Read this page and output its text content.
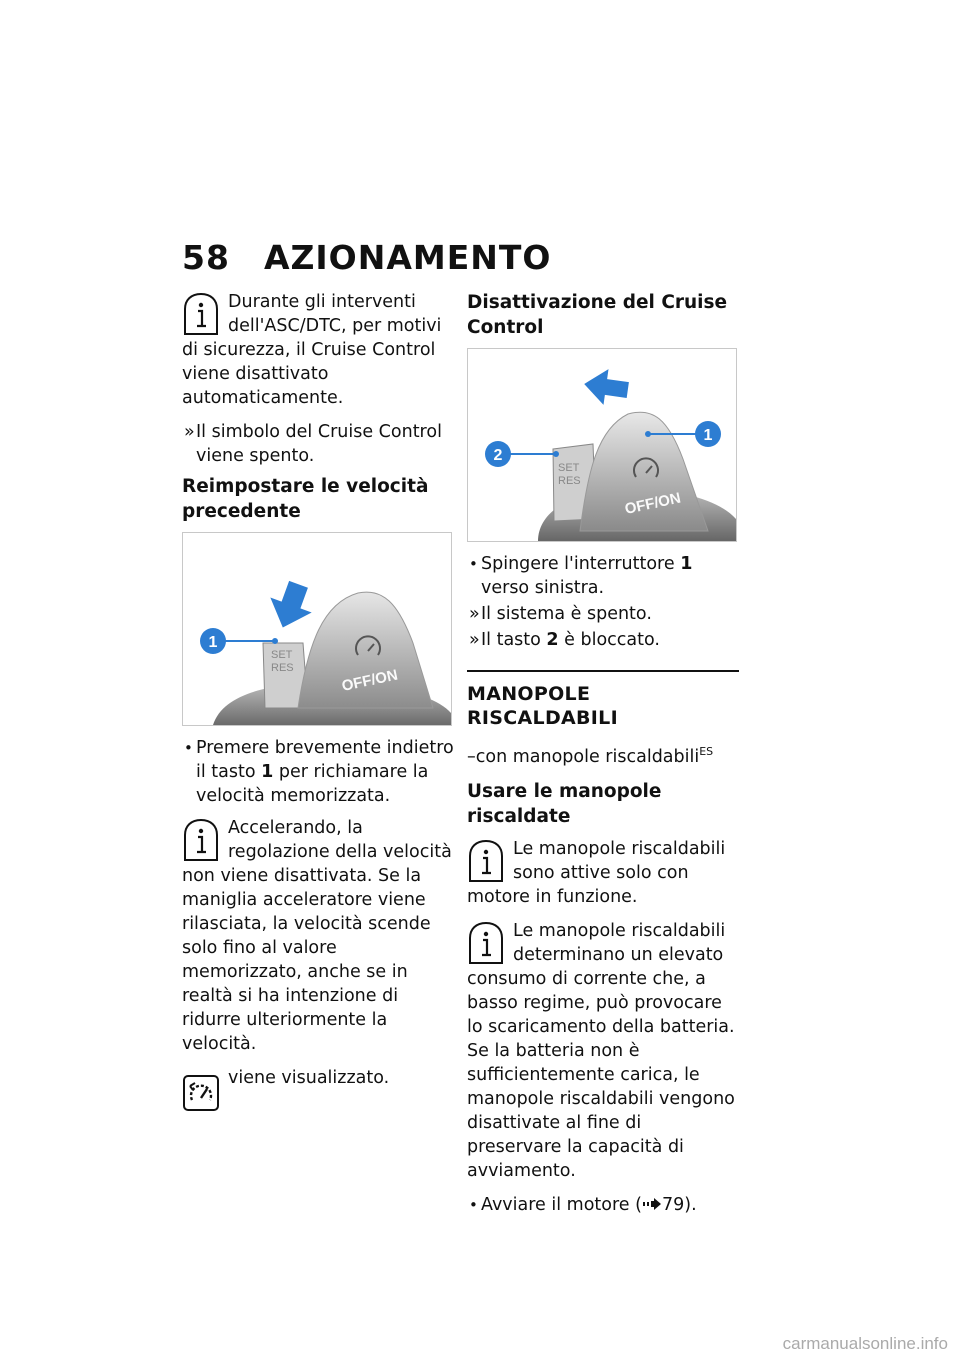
58 AZIONAMENTO
Durante gli interventi dell'ASC/DTC, per motivi di sicurezza, il Cruise Control viene disattivato automaticamente.

» Il simbolo del Cruise Control viene spento.

Reimpostare le velocità precedente
SET
RES	OFF/ON
1

• Premere brevemente indietro il tasto 1 per richiamare la velocità memorizzata.

Accelerando, la regolazione della velocità non viene disattivata. Se la maniglia acceleratore viene rilasciata, la velocità scende solo fino al valore memorizzato, anche se in realtà si ha intenzione di ridurre ulteriormente la velocità.
viene visualizzato.
Disattivazione del Cruise Control
SET
RES
OFF/ON
1
2

• Spingere l'interruttore 1 verso sinistra.

» Il sistema è spento.

» Il tasto 2 è bloccato.

MANOPOLE RISCALDABILI
–con manopole riscaldabili$^{ES}$
Usare le manopole riscaldate
Le manopole riscaldabili sono attive solo con motore in funzione.
Le manopole riscaldabili determinano un elevato consumo di corrente che, a basso regime, può provocare lo scaricamento della batteria. Se la batteria non è sufficientemente carica, le manopole riscaldabili vengono disattivate al fine di preservare la capacità di avviamento.

• Avviare il motore ( 79).

carmanualsonline.info
